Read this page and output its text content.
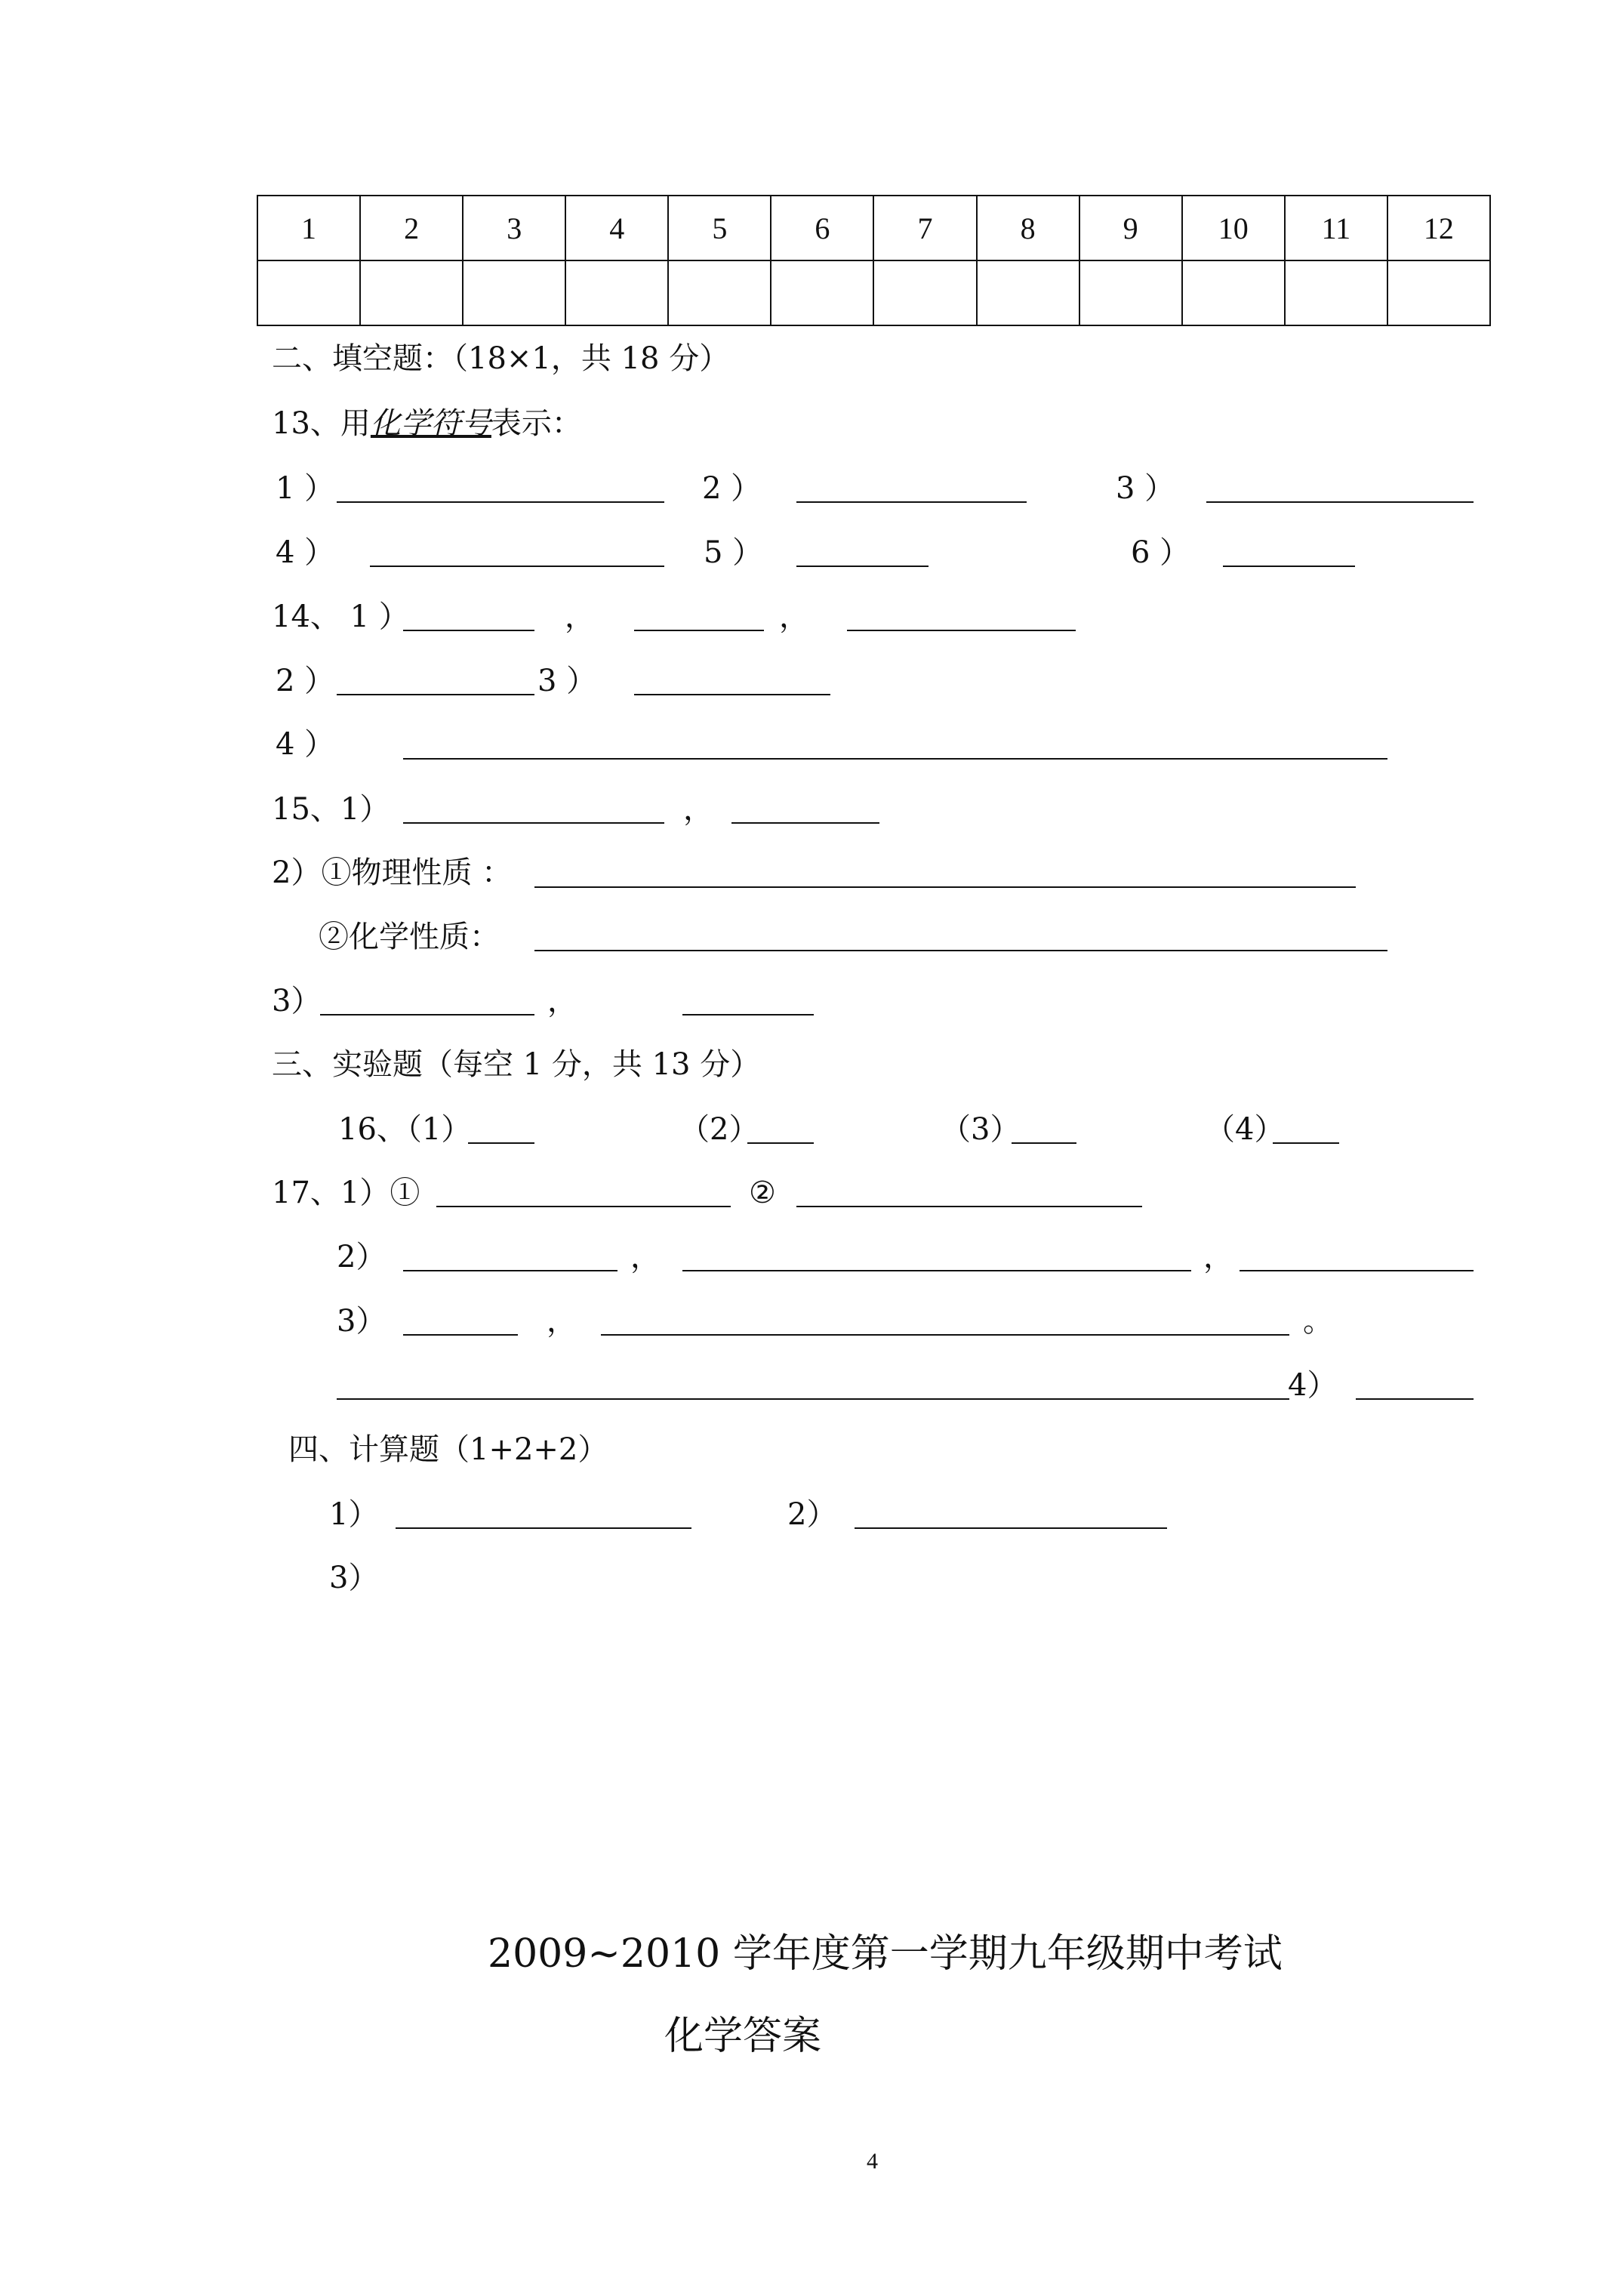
1	2	3	4	5	6	7	8	9	10	11	12

二、填空题：（18×1，共 18 分）
13、用化学符号表示：
1 ）	2 ）	3 ）
4 ）	5 ）	6 ）
14、 1 ）	，	，
2 ）	3 ）
4 ）
15、1）	，
2）①物理性质 ：
②化学性质：
3）	，
三、实验题（每空 1 分，共 13 分）
16、（1）	（2）	（3）	（4）
17、1）①	②
2）	，	，
3）	，	。
4）
四、计算题（1+2+2）
1）	2）
3）
2009~2010 学年度第一学期九年级期中考试
化学答案
4
